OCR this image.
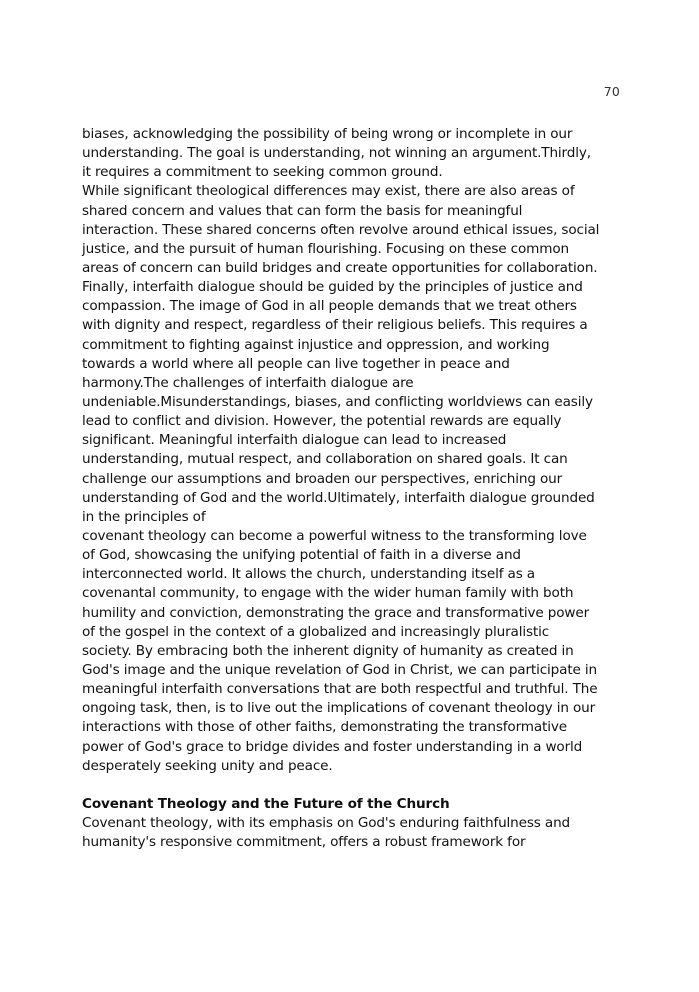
70
biases, acknowledging the possibility of being wrong or incomplete in our
understanding. The goal is understanding, not winning an argument.Thirdly,
it requires a commitment to seeking common ground.
While significant theological differences may exist, there are also areas of
shared concern and values that can form the basis for meaningful
interaction. These shared concerns often revolve around ethical issues, social
justice, and the pursuit of human flourishing. Focusing on these common
areas of concern can build bridges and create opportunities for collaboration.
Finally, interfaith dialogue should be guided by the principles of justice and
compassion. The image of God in all people demands that we treat others
with dignity and respect, regardless of their religious beliefs. This requires a
commitment to fighting against injustice and oppression, and working
towards a world where all people can live together in peace and
harmony.The challenges of interfaith dialogue are
undeniable.Misunderstandings, biases, and conflicting worldviews can easily
lead to conflict and division. However, the potential rewards are equally
significant. Meaningful interfaith dialogue can lead to increased
understanding, mutual respect, and collaboration on shared goals. It can
challenge our assumptions and broaden our perspectives, enriching our
understanding of God and the world.Ultimately, interfaith dialogue grounded
in the principles of
covenant theology can become a powerful witness to the transforming love
of God, showcasing the unifying potential of faith in a diverse and
interconnected world. It allows the church, understanding itself as a
covenantal community, to engage with the wider human family with both
humility and conviction, demonstrating the grace and transformative power
of the gospel in the context of a globalized and increasingly pluralistic
society. By embracing both the inherent dignity of humanity as created in
God's image and the unique revelation of God in Christ, we can participate in
meaningful interfaith conversations that are both respectful and truthful. The
ongoing task, then, is to live out the implications of covenant theology in our
interactions with those of other faiths, demonstrating the transformative
power of God's grace to bridge divides and foster understanding in a world
desperately seeking unity and peace.
Covenant Theology and the Future of the Church
Covenant theology, with its emphasis on God's enduring faithfulness and
humanity's responsive commitment, offers a robust framework for
